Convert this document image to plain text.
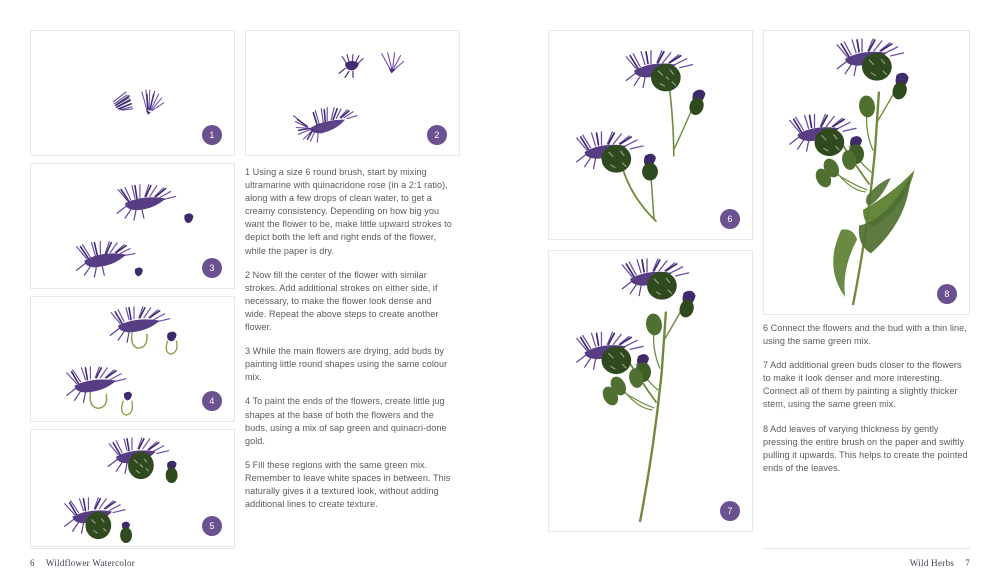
1	2
3
4
5

1 Using a size 6 round brush, start by mixing ultramarine with quinacridone rose (in a 2:1 ratio), along with a few drops of clean water, to get a creamy consistency. Depending on how big you want the flower to be, make little upward strokes to depict both the left and right ends of the flower, while the paper is dry.

2 Now fill the center of the flower with similar strokes. Add additional strokes on either side, if necessary, to make the flower look dense and wide. Repeat the above steps to create another flower.

3 While the main flowers are drying, add buds by painting little round shapes using the same colour mix.

4 To paint the ends of the flowers, create little jug shapes at the base of both the flowers and the buds, using a mix of sap green and quinacri-done gold.

5 Fill these regions with the same green mix. Remember to leave white spaces in between. This naturally gives it a textured look, without adding additional lines to create texture.

6
7
8

6 Connect the flowers and the bud with a thin line, using the same green mix.

7 Add additional green buds closer to the flowers to make it look denser and more interesting. Connect all of them by painting a slightly thicker stem, using the same green mix.

8 Add leaves of varying thickness by gently pressing the entire brush on the paper and swiftly pulling it upwards. This helps to create the pointed ends of the leaves.

6 Wildflower Watercolor	Wild Herbs 7
